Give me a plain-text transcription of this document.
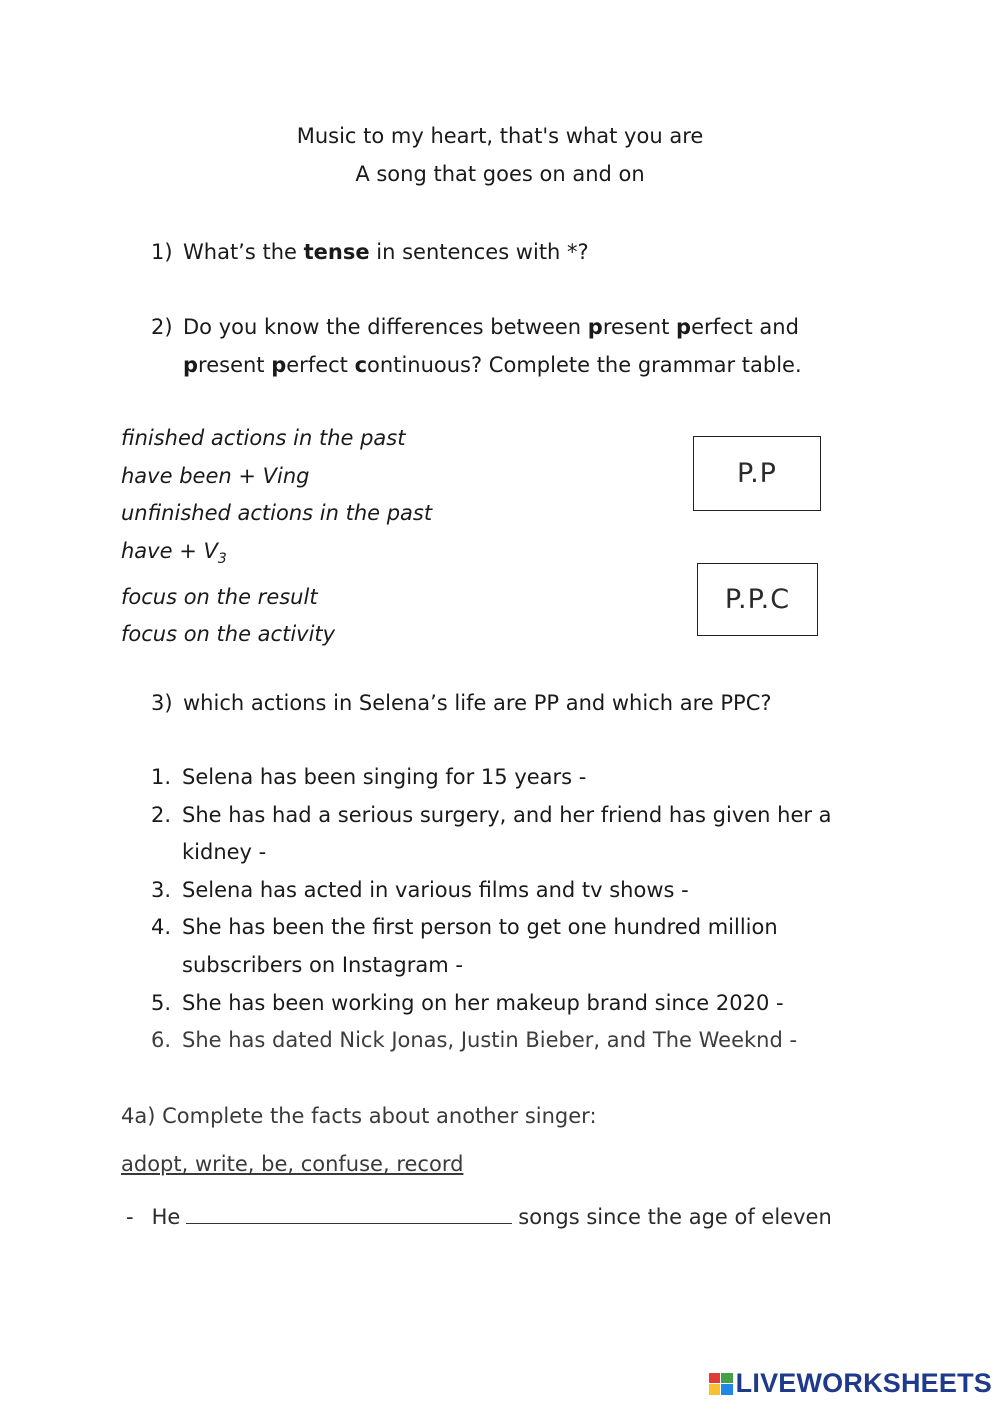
Music to my heart, that's what you are
A song that goes on and on
1) What’s the tense in sentences with *?
2) Do you know the differences between present perfect and
present perfect continuous? Complete the grammar table.
finished actions in the past
have been + Ving
unfinished actions in the past
have + $V_3$
focus on the result
focus on the activity
P.P
P.P.C
3) which actions in Selena’s life are PP and which are PPC?
1. Selena has been singing for 15 years -
2. She has had a serious surgery, and her friend has given her a kidney -
3. Selena has acted in various films and tv shows -
4. She has been the first person to get one hundred million subscribers on Instagram -
5. She has been working on her makeup brand since 2020 -
6. She has dated Nick Jonas, Justin Bieber, and The Weeknd -
4a) Complete the facts about another singer:
adopt, write, be, confuse, record
- He	songs since the age of eleven
LIVEWORKSHEETS
